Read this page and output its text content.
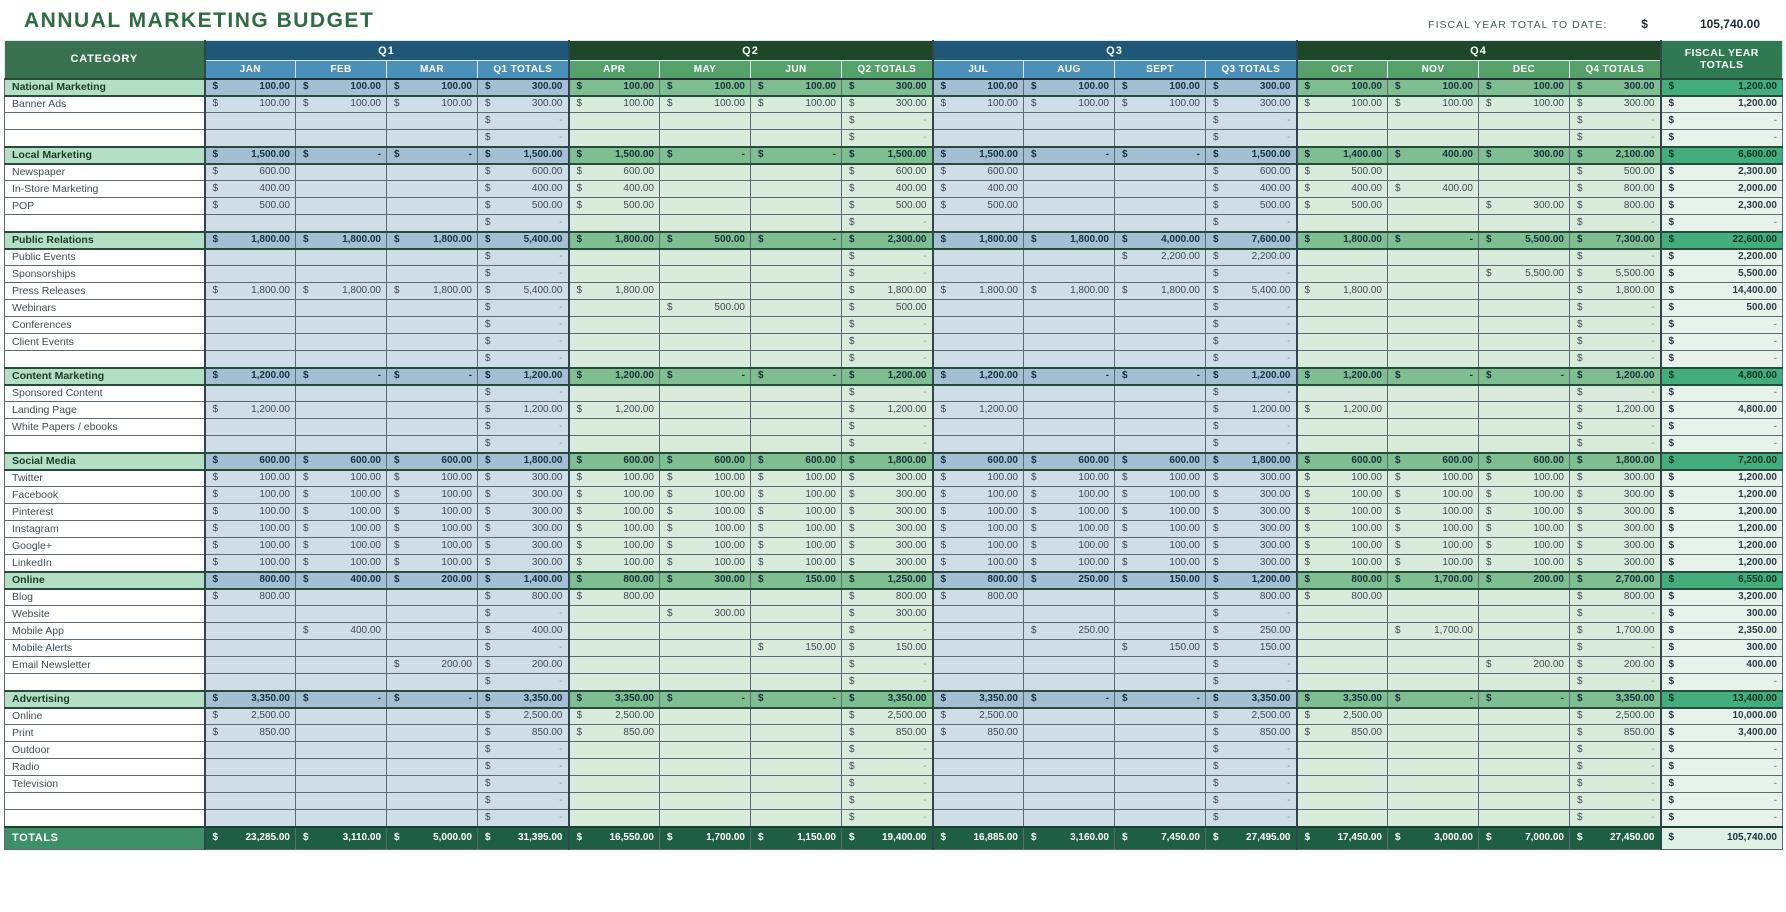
ANNUAL MARKETING BUDGET	FISCAL YEAR TOTAL TO DATE:	$	105,740.00
CATEGORY	Q1				Q2				Q3				Q4				FISCAL YEAR TOTALS
	JAN	FEB	MAR	Q1 TOTALS	APR	MAY	JUN	Q2 TOTALS	JUL	AUG	SEPT	Q3 TOTALS	OCT	NOV	DEC	Q4 TOTALS	
National Marketing	$ 100.00	$ 100.00	$ 100.00	$ 300.00	$ 100.00	$ 100.00	$ 100.00	$ 300.00	$ 100.00	$ 100.00	$ 100.00	$ 300.00	$ 100.00	$ 100.00	$ 100.00	$ 300.00	$ 1,200.00

Banner Ads	$ 100.00	$ 100.00	$ 100.00	$ 300.00	$ 100.00	$ 100.00	$ 100.00	$ 300.00	$ 100.00	$ 100.00	$ 100.00	$ 300.00	$ 100.00	$ 100.00	$ 100.00	$ 300.00	$ 1,200.00

				$ -				$ -				$ -				$ -	$ -

				$ -				$ -				$ -				$ -	$ -

Local Marketing	$ 1,500.00	$ -	$ -	$ 1,500.00	$ 1,500.00	$ -	$ -	$ 1,500.00	$ 1,500.00	$ -	$ -	$ 1,500.00	$ 1,400.00	$ 400.00	$ 300.00	$ 2,100.00	$ 6,600.00

Newspaper	$ 600.00			$ 600.00	$ 600.00			$ 600.00	$ 600.00			$ 600.00	$ 500.00			$ 500.00	$ 2,300.00

In-Store Marketing	$ 400.00			$ 400.00	$ 400.00			$ 400.00	$ 400.00			$ 400.00	$ 400.00	$ 400.00		$ 800.00	$ 2,000.00

POP	$ 500.00			$ 500.00	$ 500.00			$ 500.00	$ 500.00			$ 500.00	$ 500.00		$ 300.00	$ 800.00	$ 2,300.00

				$ -				$ -				$ -				$ -	$ -

Public Relations	$ 1,800.00	$ 1,800.00	$ 1,800.00	$ 5,400.00	$ 1,800.00	$ 500.00	$ -	$ 2,300.00	$ 1,800.00	$ 1,800.00	$ 4,000.00	$ 7,600.00	$ 1,800.00	$ -	$ 5,500.00	$ 7,300.00	$ 22,600.00

Public Events				$ -				$ -			$ 2,200.00	$ 2,200.00				$ -	$ 2,200.00

Sponsorships				$ -				$ -				$ -			$ 5,500.00	$ 5,500.00	$ 5,500.00

Press Releases	$ 1,800.00	$ 1,800.00	$ 1,800.00	$ 5,400.00	$ 1,800.00			$ 1,800.00	$ 1,800.00	$ 1,800.00	$ 1,800.00	$ 5,400.00	$ 1,800.00			$ 1,800.00	$ 14,400.00

Webinars				$ -		$ 500.00		$ 500.00				$ -				$ -	$ 500.00

Conferences				$ -				$ -				$ -				$ -	$ -

Client Events				$ -				$ -				$ -				$ -	$ -

				$ -				$ -				$ -				$ -	$ -

Content Marketing	$ 1,200.00	$ -	$ -	$ 1,200.00	$ 1,200.00	$ -	$ -	$ 1,200.00	$ 1,200.00	$ -	$ -	$ 1,200.00	$ 1,200.00	$ -	$ -	$ 1,200.00	$ 4,800.00

Sponsored Content				$ -				$ -				$ -				$ -	$ -

Landing Page	$ 1,200.00			$ 1,200.00	$ 1,200.00			$ 1,200.00	$ 1,200.00			$ 1,200.00	$ 1,200.00			$ 1,200.00	$ 4,800.00

White Papers / ebooks				$ -				$ -				$ -				$ -	$ -

				$ -				$ -				$ -				$ -	$ -

Social Media	$ 600.00	$ 600.00	$ 600.00	$ 1,800.00	$ 600.00	$ 600.00	$ 600.00	$ 1,800.00	$ 600.00	$ 600.00	$ 600.00	$ 1,800.00	$ 600.00	$ 600.00	$ 600.00	$ 1,800.00	$ 7,200.00

Twitter	$ 100.00	$ 100.00	$ 100.00	$ 300.00	$ 100.00	$ 100.00	$ 100.00	$ 300.00	$ 100.00	$ 100.00	$ 100.00	$ 300.00	$ 100.00	$ 100.00	$ 100.00	$ 300.00	$ 1,200.00

Facebook	$ 100.00	$ 100.00	$ 100.00	$ 300.00	$ 100.00	$ 100.00	$ 100.00	$ 300.00	$ 100.00	$ 100.00	$ 100.00	$ 300.00	$ 100.00	$ 100.00	$ 100.00	$ 300.00	$ 1,200.00

Pinterest	$ 100.00	$ 100.00	$ 100.00	$ 300.00	$ 100.00	$ 100.00	$ 100.00	$ 300.00	$ 100.00	$ 100.00	$ 100.00	$ 300.00	$ 100.00	$ 100.00	$ 100.00	$ 300.00	$ 1,200.00

Instagram	$ 100.00	$ 100.00	$ 100.00	$ 300.00	$ 100.00	$ 100.00	$ 100.00	$ 300.00	$ 100.00	$ 100.00	$ 100.00	$ 300.00	$ 100.00	$ 100.00	$ 100.00	$ 300.00	$ 1,200.00

Google+	$ 100.00	$ 100.00	$ 100.00	$ 300.00	$ 100.00	$ 100.00	$ 100.00	$ 300.00	$ 100.00	$ 100.00	$ 100.00	$ 300.00	$ 100.00	$ 100.00	$ 100.00	$ 300.00	$ 1,200.00

LinkedIn	$ 100.00	$ 100.00	$ 100.00	$ 300.00	$ 100.00	$ 100.00	$ 100.00	$ 300.00	$ 100.00	$ 100.00	$ 100.00	$ 300.00	$ 100.00	$ 100.00	$ 100.00	$ 300.00	$ 1,200.00

Online	$ 800.00	$ 400.00	$ 200.00	$ 1,400.00	$ 800.00	$ 300.00	$ 150.00	$ 1,250.00	$ 800.00	$ 250.00	$ 150.00	$ 1,200.00	$ 800.00	$ 1,700.00	$ 200.00	$ 2,700.00	$ 6,550.00

Blog	$ 800.00			$ 800.00	$ 800.00			$ 800.00	$ 800.00			$ 800.00	$ 800.00			$ 800.00	$ 3,200.00

Website				$ -		$ 300.00		$ 300.00				$ -				$ -	$ 300.00

Mobile App		$ 400.00		$ 400.00				$ -		$ 250.00		$ 250.00		$ 1,700.00		$ 1,700.00	$ 2,350.00

Mobile Alerts				$ -			$ 150.00	$ 150.00			$ 150.00	$ 150.00				$ -	$ 300.00

Email Newsletter			$ 200.00	$ 200.00				$ -				$ -			$ 200.00	$ 200.00	$ 400.00

				$ -				$ -				$ -				$ -	$ -

Advertising	$ 3,350.00	$ -	$ -	$ 3,350.00	$ 3,350.00	$ -	$ -	$ 3,350.00	$ 3,350.00	$ -	$ -	$ 3,350.00	$ 3,350.00	$ -	$ -	$ 3,350.00	$ 13,400.00

Online	$ 2,500.00			$ 2,500.00	$ 2,500.00			$ 2,500.00	$ 2,500.00			$ 2,500.00	$ 2,500.00			$ 2,500.00	$ 10,000.00

Print	$ 850.00			$ 850.00	$ 850.00			$ 850.00	$ 850.00			$ 850.00	$ 850.00			$ 850.00	$ 3,400.00

Outdoor				$ -				$ -				$ -				$ -	$ -

Radio				$ -				$ -				$ -				$ -	$ -

Television				$ -				$ -				$ -				$ -	$ -

				$ -				$ -				$ -				$ -	$ -

				$ -				$ -				$ -				$ -	$ -

TOTALS	$ 23,285.00	$ 3,110.00	$ 5,000.00	$ 31,395.00	$ 16,550.00	$ 1,700.00	$ 1,150.00	$ 19,400.00	$ 16,885.00	$ 3,160.00	$ 7,450.00	$ 27,495.00	$ 17,450.00	$ 3,000.00	$ 7,000.00	$ 27,450.00	$ 105,740.00
